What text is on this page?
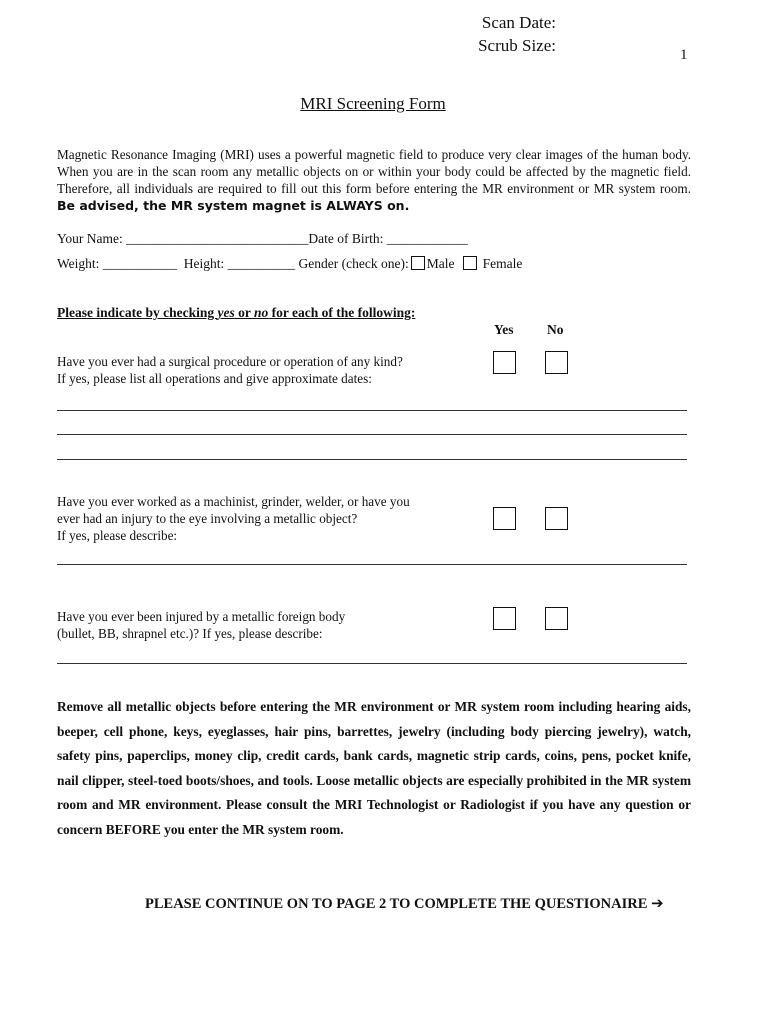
Scan Date:
Scrub Size:	1
MRI Screening Form
Magnetic Resonance Imaging (MRI) uses a powerful magnetic field to produce very clear images of the human body. When you are in the scan room any metallic objects on or within your body could be affected by the magnetic field. Therefore, all individuals are required to fill out this form before entering the MR environment or MR system room. Be advised, the MR system magnet is ALWAYS on.
Your Name: ___________________________Date of Birth: ____________
Weight: ___________ Height: __________ Gender (check one): Male Female
Please indicate by checking yes or no for each of the following:
Yes No
Have you ever had a surgical procedure or operation of any kind?
If yes, please list all operations and give approximate dates:
Have you ever worked as a machinist, grinder, welder, or have you
ever had an injury to the eye involving a metallic object?
If yes, please describe:
Have you ever been injured by a metallic foreign body
(bullet, BB, shrapnel etc.)? If yes, please describe:
Remove all metallic objects before entering the MR environment or MR system room including hearing aids, beeper, cell phone, keys, eyeglasses, hair pins, barrettes, jewelry (including body piercing jewelry), watch, safety pins, paperclips, money clip, credit cards, bank cards, magnetic strip cards, coins, pens, pocket knife, nail clipper, steel-toed boots/shoes, and tools. Loose metallic objects are especially prohibited in the MR system room and MR environment. Please consult the MRI Technologist or Radiologist if you have any question or concern BEFORE you enter the MR system room.
PLEASE CONTINUE ON TO PAGE 2 TO COMPLETE THE QUESTIONAIRE ➔
